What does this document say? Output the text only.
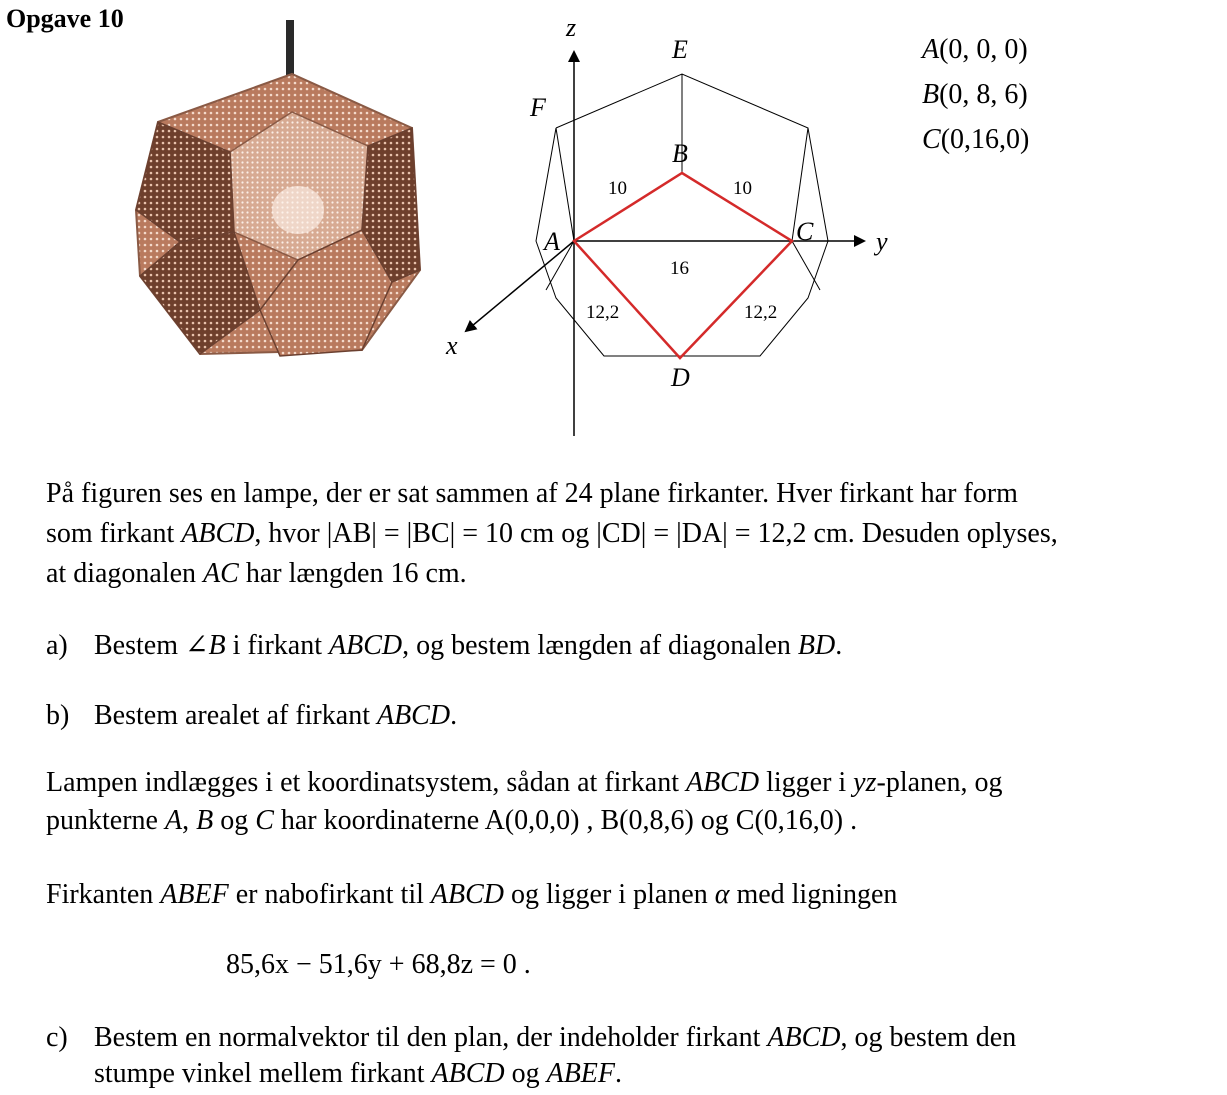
Opgave 10	z
y
x
E
F
B
A	C
D
10	10
16
12,2	12,2
A(0, 0, 0)
B(0, 8, 6)
C(0,16,0)
På figuren ses en lampe, der er sat sammen af 24 plane firkanter. Hver firkant har form
som firkant ABCD, hvor |AB| = |BC| = 10 cm og |CD| = |DA| = 12,2 cm. Desuden oplyses,
at diagonalen AC har længden 16 cm.
a) Bestem ∠B i firkant ABCD, og bestem længden af diagonalen BD.
b) Bestem arealet af firkant ABCD.
Lampen indlægges i et koordinatsystem, sådan at firkant ABCD ligger i yz-planen, og
punkterne A, B og C har koordinaterne A(0,0,0) , B(0,8,6) og C(0,16,0) .
Firkanten ABEF er nabofirkant til ABCD og ligger i planen α med ligningen
85,6x − 51,6y + 68,8z = 0 .
c) Bestem en normalvektor til den plan, der indeholder firkant ABCD, og bestem den
stumpe vinkel mellem firkant ABCD og ABEF.
